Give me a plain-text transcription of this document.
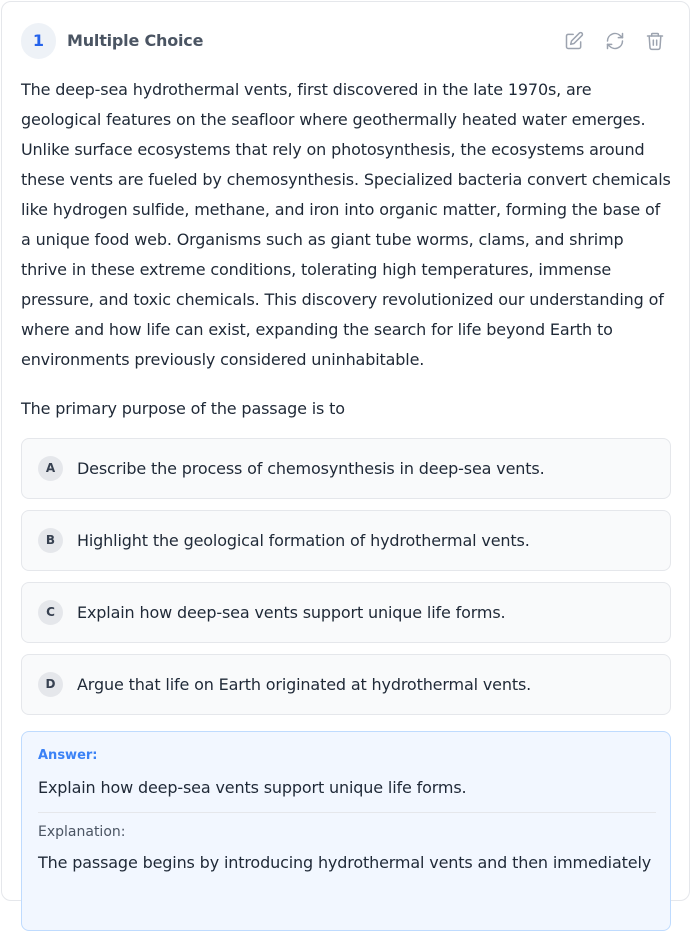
1	Multiple Choice

The deep-sea hydrothermal vents, first discovered in the late 1970s, are geological features on the seafloor where geothermally heated water emerges. Unlike surface ecosystems that rely on photosynthesis, the ecosystems around these vents are fueled by chemosynthesis. Specialized bacteria convert chemicals like hydrogen sulfide, methane, and iron into organic matter, forming the base of a unique food web. Organisms such as giant tube worms, clams, and shrimp thrive in these extreme conditions, tolerating high temperatures, immense pressure, and toxic chemicals. This discovery revolutionized our understanding of where and how life can exist, expanding the search for life beyond Earth to environments previously considered uninhabitable.

The primary purpose of the passage is to
A	Describe the process of chemosynthesis in deep-sea vents.
B	Highlight the geological formation of hydrothermal vents.
C	Explain how deep-sea vents support unique life forms.
D	Argue that life on Earth originated at hydrothermal vents.
Answer:
Explain how deep-sea vents support unique life forms.
Explanation:
The passage begins by introducing hydrothermal vents and then immediately
